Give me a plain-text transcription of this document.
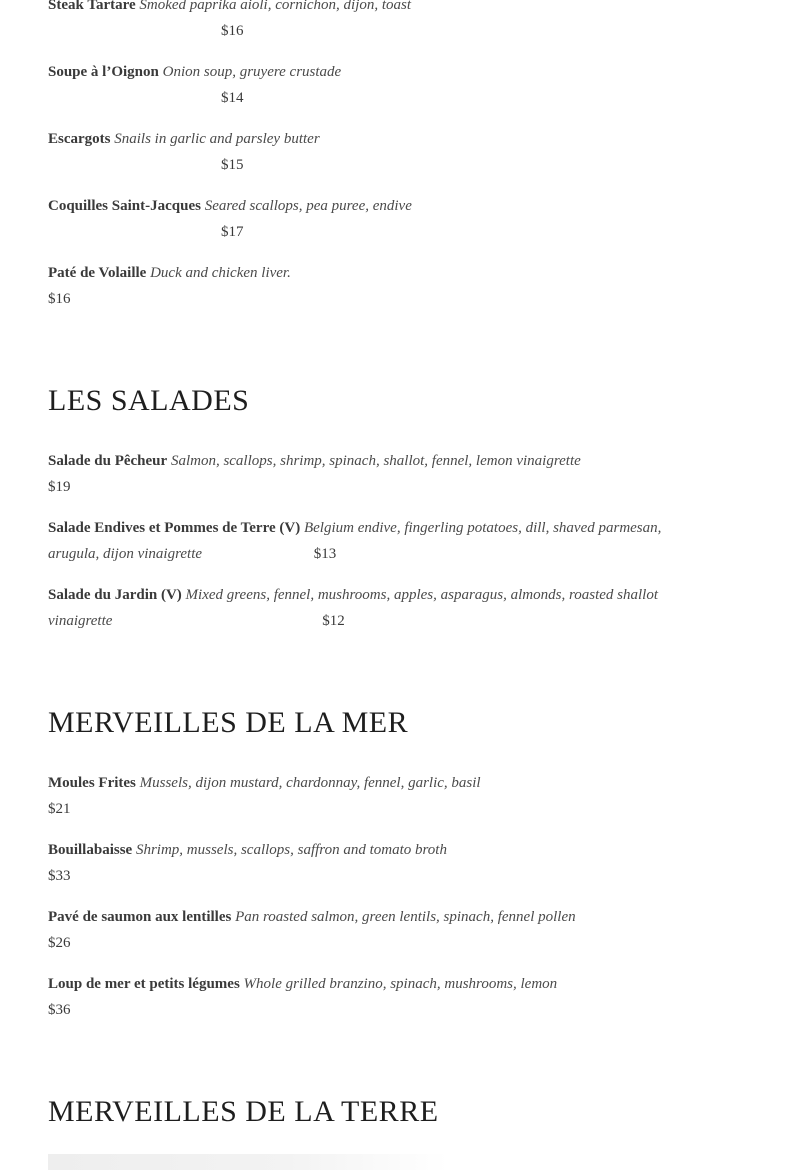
Steak Tartare Smoked paprika aioli, cornichon, dijon, toast
$16
Soupe à l’Oignon Onion soup, gruyere crustade
$14
Escargots Snails in garlic and parsley butter
$15
Coquilles Saint-Jacques Seared scallops, pea puree, endive
$17
Paté de Volaille Duck and chicken liver.
$16
LES SALADES
Salade du Pêcheur Salmon, scallops, shrimp, spinach, shallot, fennel, lemon vinaigrette
$19
Salade Endives et Pommes de Terre (V) Belgium endive, fingerling potatoes, dill, shaved parmesan, arugula, dijon vinaigrette	$13
Salade du Jardin (V) Mixed greens, fennel, mushrooms, apples, asparagus, almonds, roasted shallot vinaigrette	$12
MERVEILLES DE LA MER
Moules Frites Mussels, dijon mustard, chardonnay, fennel, garlic, basil
$21
Bouillabaisse Shrimp, mussels, scallops, saffron and tomato broth
$33
Pavé de saumon aux lentilles Pan roasted salmon, green lentils, spinach, fennel pollen
$26
Loup de mer et petits légumes Whole grilled branzino, spinach, mushrooms, lemon
$36
MERVEILLES DE LA TERRE
